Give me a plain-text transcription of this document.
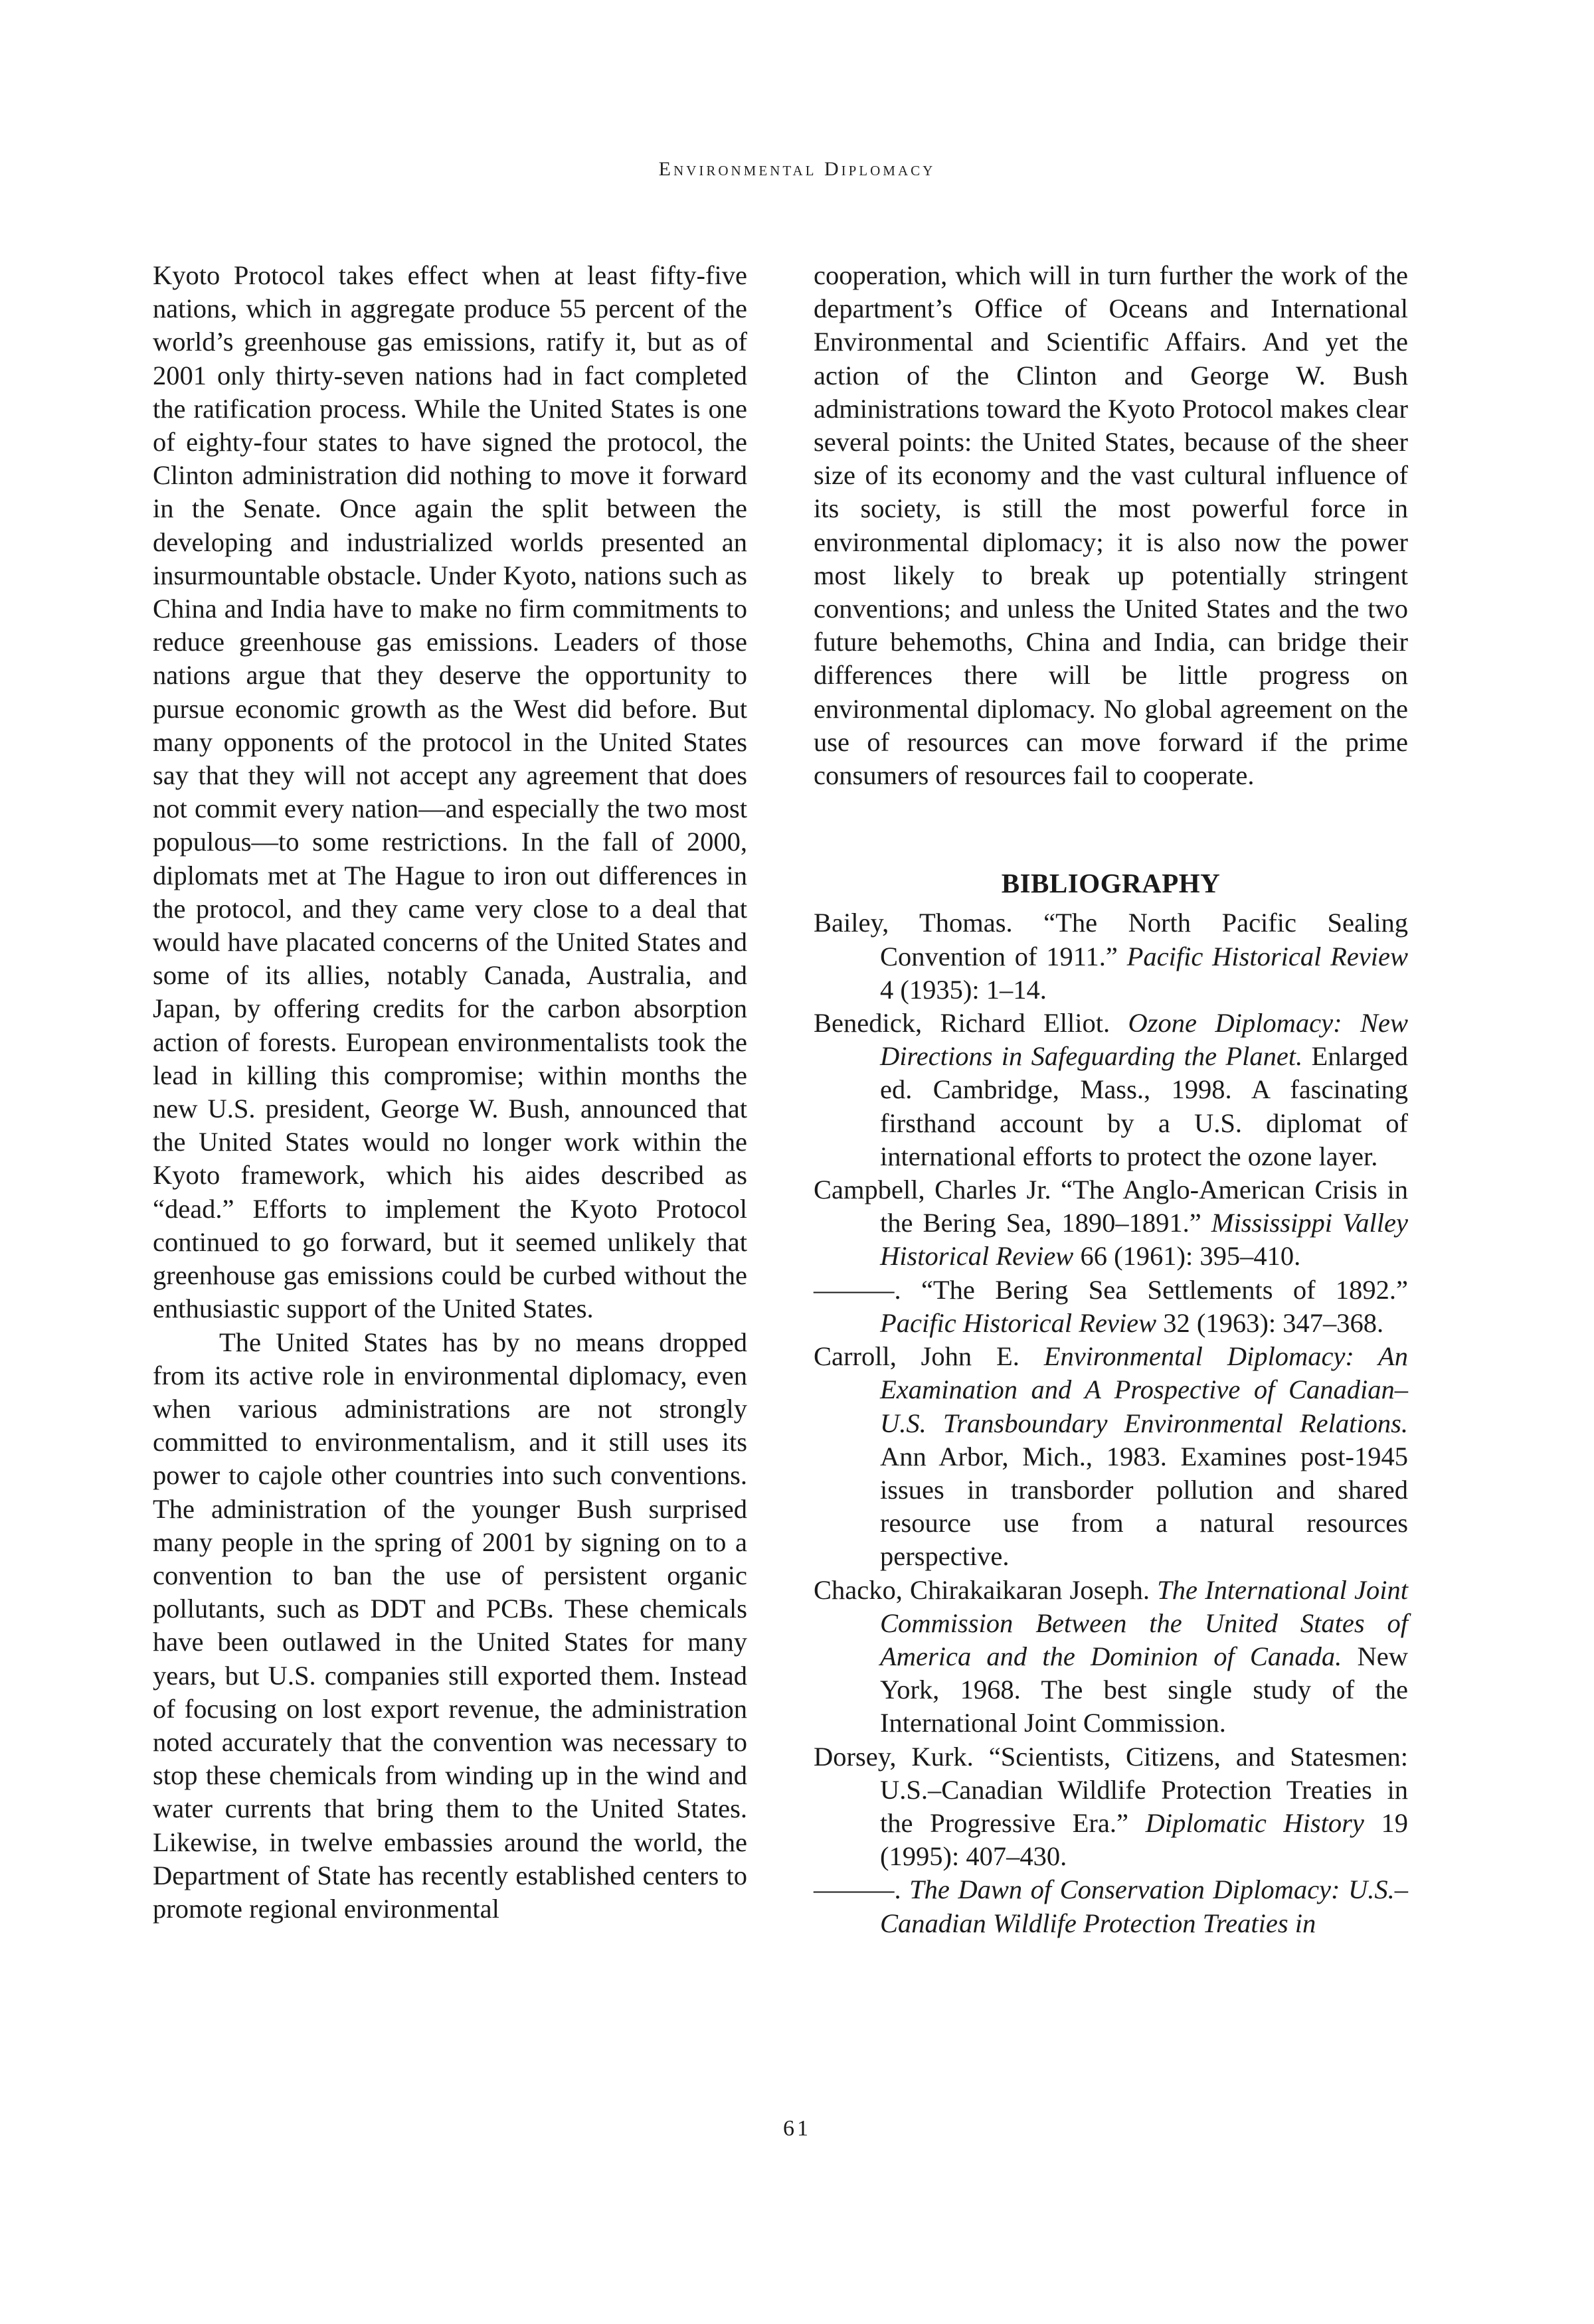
Environmental Diplomacy

Kyoto Protocol takes effect when at least fifty-five nations, which in aggregate produce 55 percent of the world’s greenhouse gas emissions, ratify it, but as of 2001 only thirty-seven nations had in fact completed the ratification process. While the United States is one of eighty-four states to have signed the protocol, the Clinton administration did nothing to move it forward in the Senate. Once again the split between the developing and industrialized worlds presented an insurmountable obstacle. Under Kyoto, nations such as China and India have to make no firm commitments to reduce greenhouse gas emissions. Leaders of those nations argue that they deserve the opportunity to pursue economic growth as the West did before. But many opponents of the protocol in the United States say that they will not accept any agreement that does not commit every nation—and especially the two most populous—to some restrictions. In the fall of 2000, diplomats met at The Hague to iron out differences in the protocol, and they came very close to a deal that would have placated concerns of the United States and some of its allies, notably Canada, Australia, and Japan, by offering credits for the carbon absorption action of forests. European environmentalists took the lead in killing this compromise; within months the new U.S. president, George W. Bush, announced that the United States would no longer work within the Kyoto framework, which his aides described as “dead.” Efforts to implement the Kyoto Protocol continued to go forward, but it seemed unlikely that greenhouse gas emissions could be curbed without the enthusiastic support of the United States.

The United States has by no means dropped from its active role in environmental diplomacy, even when various administrations are not strongly committed to environmentalism, and it still uses its power to cajole other countries into such conventions. The administration of the younger Bush surprised many people in the spring of 2001 by signing on to a convention to ban the use of persistent organic pollutants, such as DDT and PCBs. These chemicals have been outlawed in the United States for many years, but U.S. companies still exported them. Instead of focusing on lost export revenue, the administration noted accurately that the convention was necessary to stop these chemicals from winding up in the wind and water currents that bring them to the United States. Likewise, in twelve embassies around the world, the Department of State has recently established centers to promote regional environmental

cooperation, which will in turn further the work of the department’s Office of Oceans and International Environmental and Scientific Affairs. And yet the action of the Clinton and George W. Bush administrations toward the Kyoto Protocol makes clear several points: the United States, because of the sheer size of its economy and the vast cultural influence of its society, is still the most powerful force in environmental diplomacy; it is also now the power most likely to break up potentially stringent conventions; and unless the United States and the two future behemoths, China and India, can bridge their differences there will be little progress on environmental diplomacy. No global agreement on the use of resources can move forward if the prime consumers of resources fail to cooperate.

BIBLIOGRAPHY

Bailey, Thomas. “The North Pacific Sealing Convention of 1911.” Pacific Historical Review 4 (1935): 1–14.

Benedick, Richard Elliot. Ozone Diplomacy: New Directions in Safeguarding the Planet. Enlarged ed. Cambridge, Mass., 1998. A fascinating firsthand account by a U.S. diplomat of international efforts to protect the ozone layer.

Campbell, Charles Jr. “The Anglo-American Crisis in the Bering Sea, 1890–1891.” Mississippi Valley Historical Review 66 (1961): 395–410.

———. “The Bering Sea Settlements of 1892.” Pacific Historical Review 32 (1963): 347–368.

Carroll, John E. Environmental Diplomacy: An Examination and A Prospective of Canadian–U.S. Transboundary Environmental Relations. Ann Arbor, Mich., 1983. Examines post-1945 issues in transborder pollution and shared resource use from a natural resources perspective.

Chacko, Chirakaikaran Joseph. The International Joint Commission Between the United States of America and the Dominion of Canada. New York, 1968. The best single study of the International Joint Commission.

Dorsey, Kurk. “Scientists, Citizens, and Statesmen: U.S.–Canadian Wildlife Protection Treaties in the Progressive Era.” Diplomatic History 19 (1995): 407–430.

———. The Dawn of Conservation Diplomacy: U.S.–Canadian Wildlife Protection Treaties in

61
